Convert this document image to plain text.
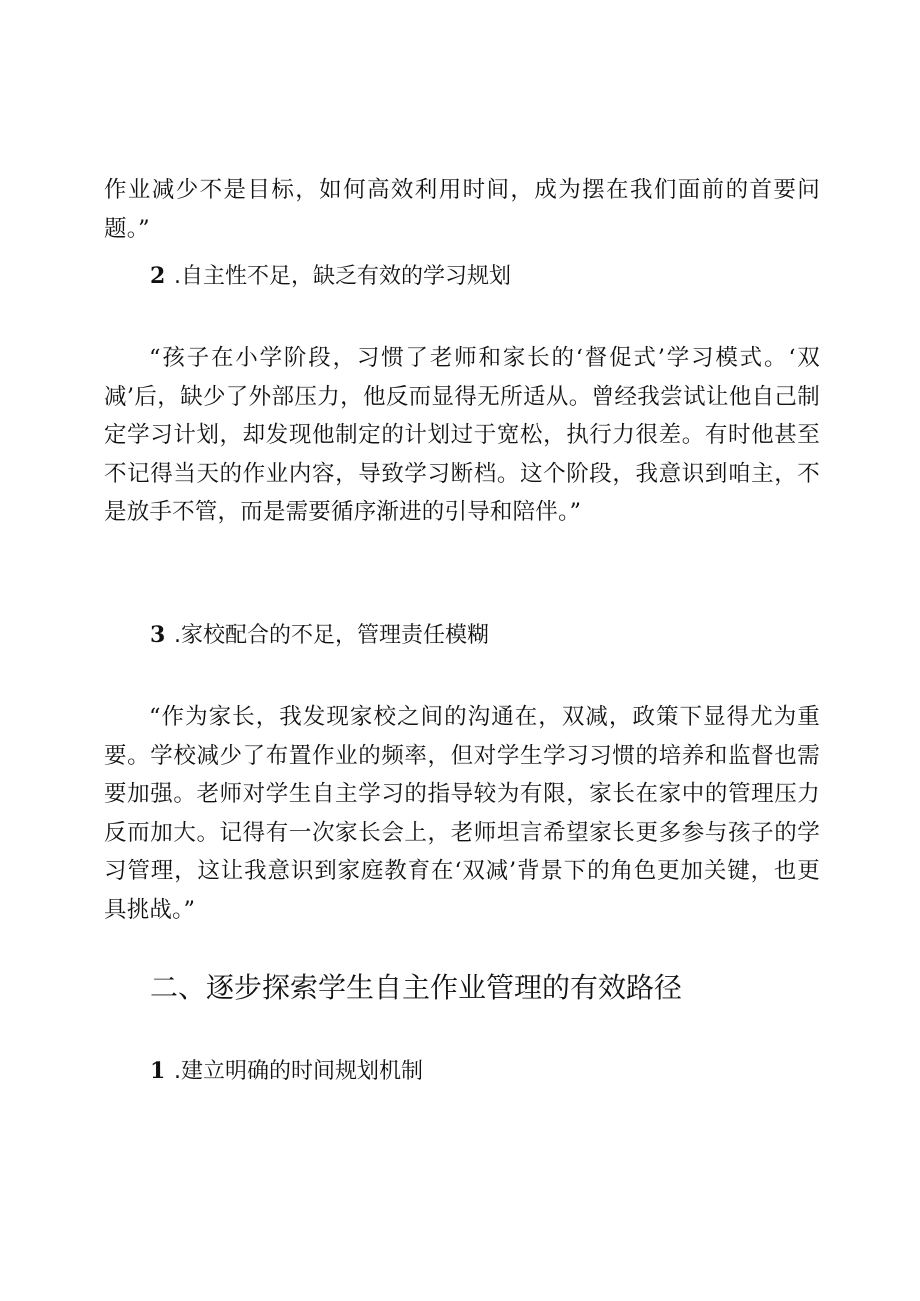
作业减少不是目标，如何高效利用时间，成为摆在我们面前的首要问题。”

2 .自主性不足，缺乏有效的学习规划

“孩子在小学阶段，习惯了老师和家长的‘督促式’学习模式。‘双减’后，缺少了外部压力，他反而显得无所适从。曾经我尝试让他自己制定学习计划，却发现他制定的计划过于宽松，执行力很差。有时他甚至不记得当天的作业内容，导致学习断档。这个阶段，我意识到咱主，不是放手不管，而是需要循序渐进的引导和陪伴。”

3 .家校配合的不足，管理责任模糊

“作为家长，我发现家校之间的沟通在，双减，政策下显得尤为重要。学校减少了布置作业的频率，但对学生学习习惯的培养和监督也需要加强。老师对学生自主学习的指导较为有限，家长在家中的管理压力反而加大。记得有一次家长会上，老师坦言希望家长更多参与孩子的学习管理，这让我意识到家庭教育在‘双减’背景下的角色更加关键，也更具挑战。”

二、逐步探索学生自主作业管理的有效路径
1 .建立明确的时间规划机制
